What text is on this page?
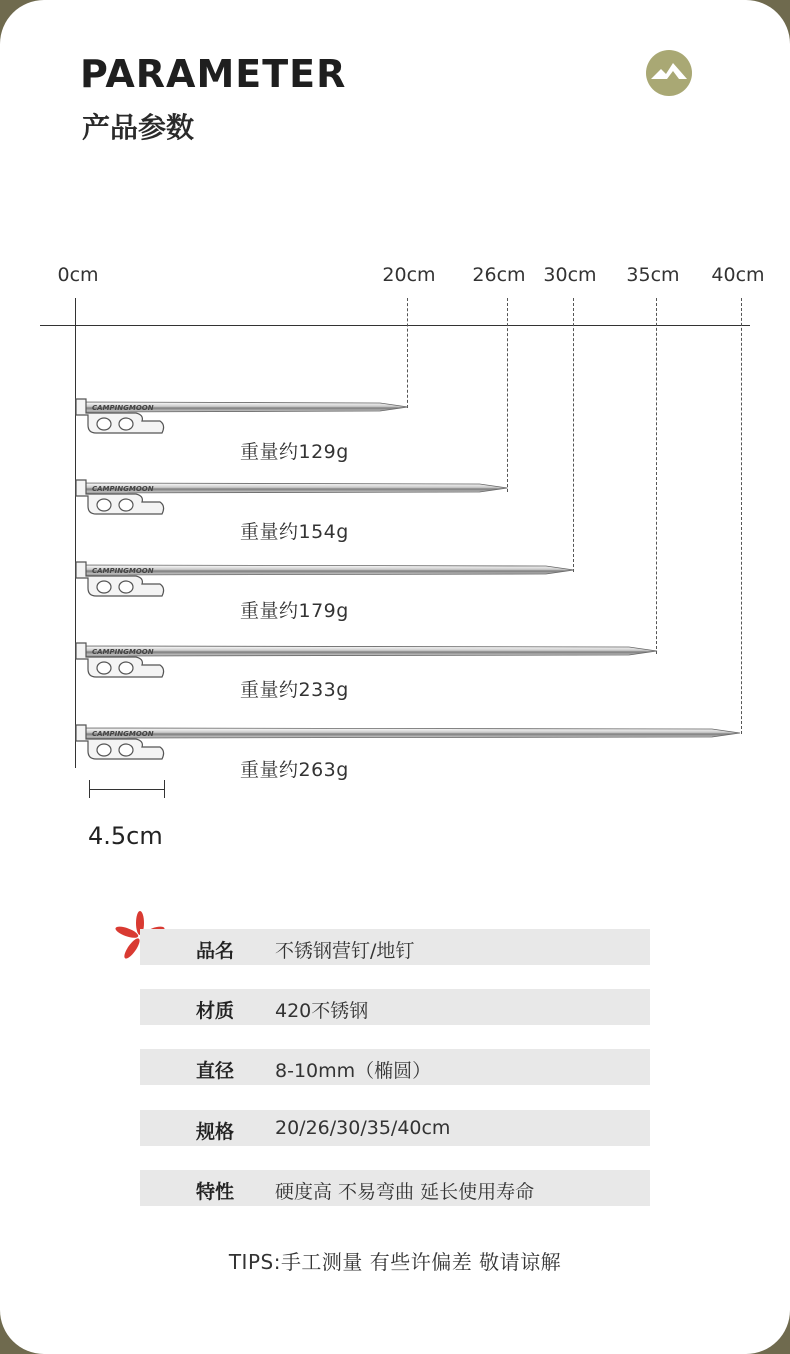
PARAMETER
产品参数
0cm	20cm 26cm 30cm 35cm 40cm
CAMPINGMOON
CAMPINGMOON
CAMPINGMOON
CAMPINGMOON
CAMPINGMOON
重量约129g
重量约154g
重量约179g
重量约233g
重量约263g
4.5cm
品名 不锈钢营钉/地钉
材质 420不锈钢
直径 8-10mm（椭圆）
规格 20/26/30/35/40cm
特性 硬度高 不易弯曲 延长使用寿命
TIPS:手工测量 有些许偏差 敬请谅解
